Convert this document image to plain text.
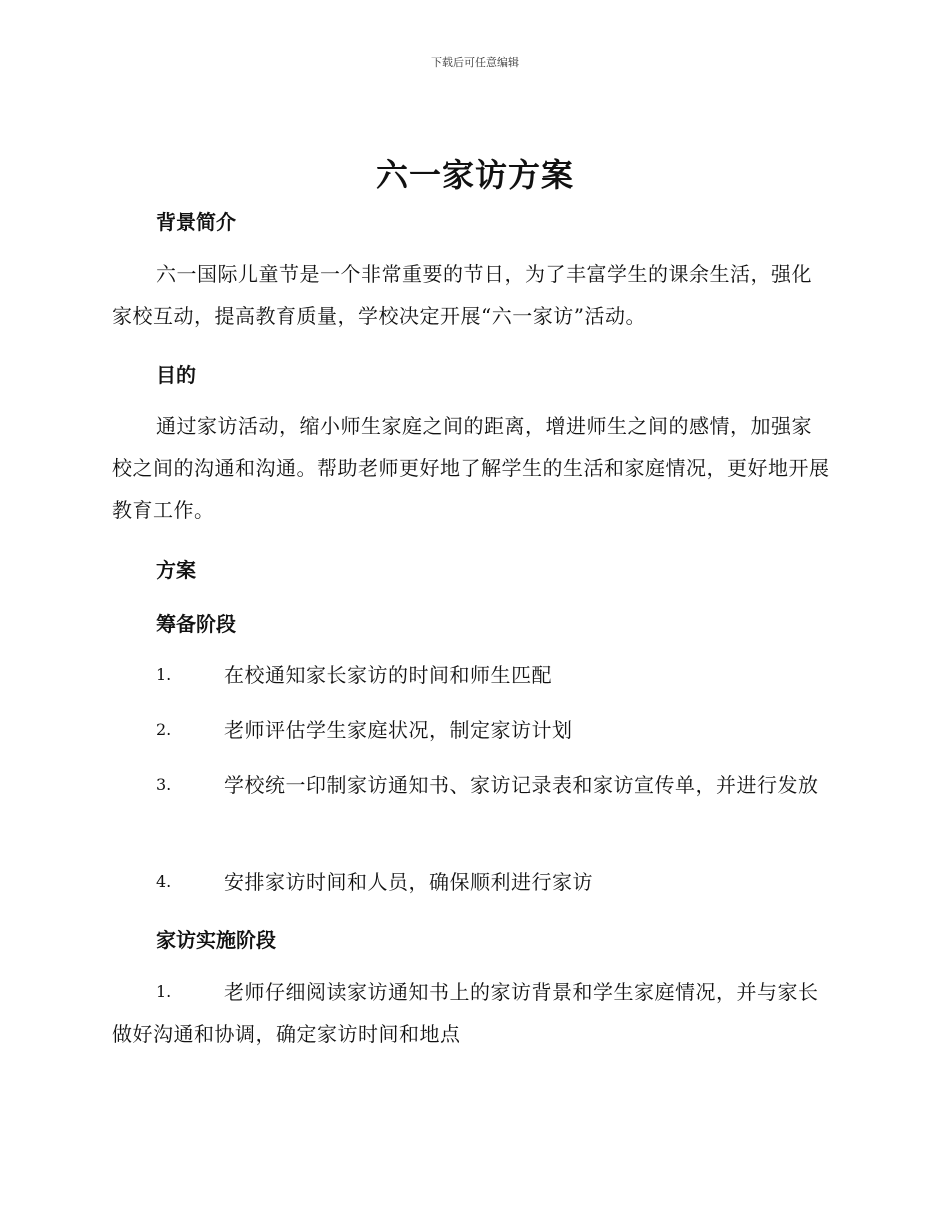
下载后可任意编辑
六一家访方案
背景简介
六一国际儿童节是一个非常重要的节日，为了丰富学生的课余生活，强化家校互动，提高教育质量，学校决定开展“六一家访”活动。
目的
通过家访活动，缩小师生家庭之间的距离，增进师生之间的感情，加强家校之间的沟通和沟通。帮助老师更好地了解学生的生活和家庭情况，更好地开展教育工作。
方案
筹备阶段
1.	在校通知家长家访的时间和师生匹配
2.	老师评估学生家庭状况，制定家访计划
3.	学校统一印制家访通知书、家访记录表和家访宣传单，并进行发放
4.	安排家访时间和人员，确保顺利进行家访
家访实施阶段
1.	老师仔细阅读家访通知书上的家访背景和学生家庭情况，并与家长做好沟通和协调，确定家访时间和地点
